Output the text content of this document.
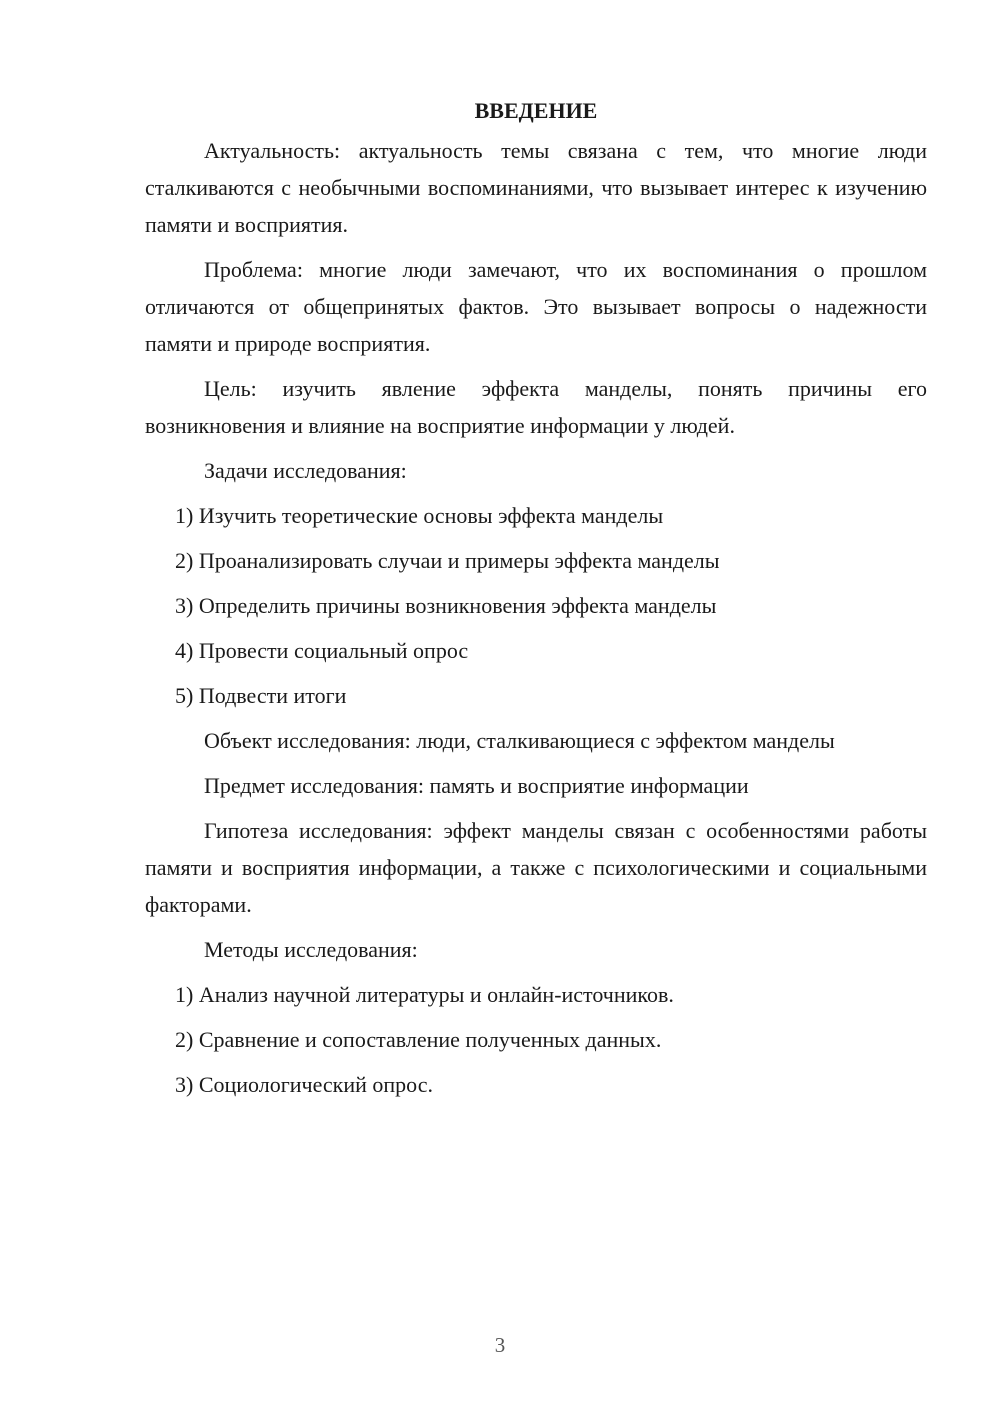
ВВЕДЕНИЕ

Актуальность: актуальность темы связана с тем, что многие люди сталкиваются с необычными воспоминаниями, что вызывает интерес к изучению памяти и восприятия.

Проблема: многие люди замечают, что их воспоминания о прошлом отличаются от общепринятых фактов. Это вызывает вопросы о надежности памяти и природе восприятия.

Цель: изучить явление эффекта манделы, понять причины его возникновения и влияние на восприятие информации у людей.

Задачи исследования:

1) Изучить теоретические основы эффекта манделы

2) Проанализировать случаи и примеры эффекта манделы

3) Определить причины возникновения эффекта манделы

4) Провести социальный опрос

5) Подвести итоги

Объект исследования: люди, сталкивающиеся с эффектом манделы

Предмет исследования: память и восприятие информации

Гипотеза исследования: эффект манделы связан с особенностями работы памяти и восприятия информации, а также с психологическими и социальными факторами.

Методы исследования:

1) Анализ научной литературы и онлайн-источников.

2) Сравнение и сопоставление полученных данных.

3) Социологический опрос.

3
